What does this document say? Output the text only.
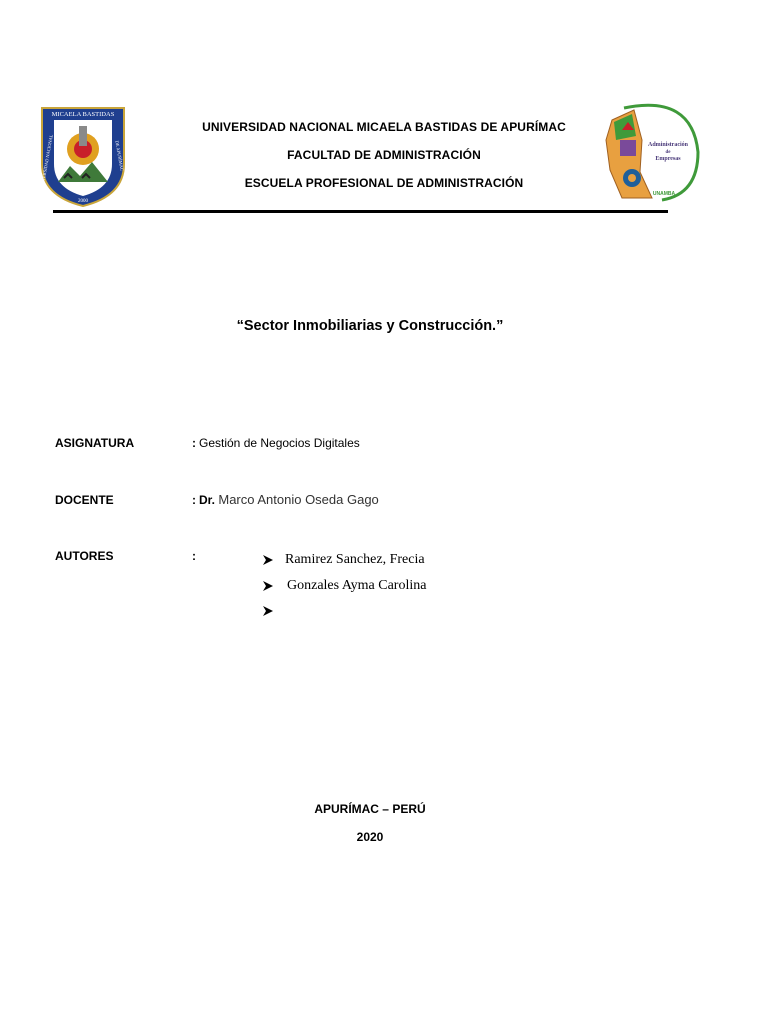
MICAELA BASTIDAS
UNIVERSIDAD NACIONAL	DE APURÍMAC
2000
Administración
de
Empresas
UNAMBA
UNIVERSIDAD NACIONAL MICAELA BASTIDAS DE APURÍMAC
FACULTAD DE ADMINISTRACIÓN
ESCUELA PROFESIONAL DE ADMINISTRACIÓN
“Sector Inmobiliarias y Construcción.”
ASIGNATURA	: Gestión de Negocios Digitales
DOCENTE	: Dr. Marco Antonio Oseda Gago
AUTORES	:	Ramirez Sanchez, Frecia
Gonzales Ayma Carolina
APURÍMAC – PERÚ
2020
